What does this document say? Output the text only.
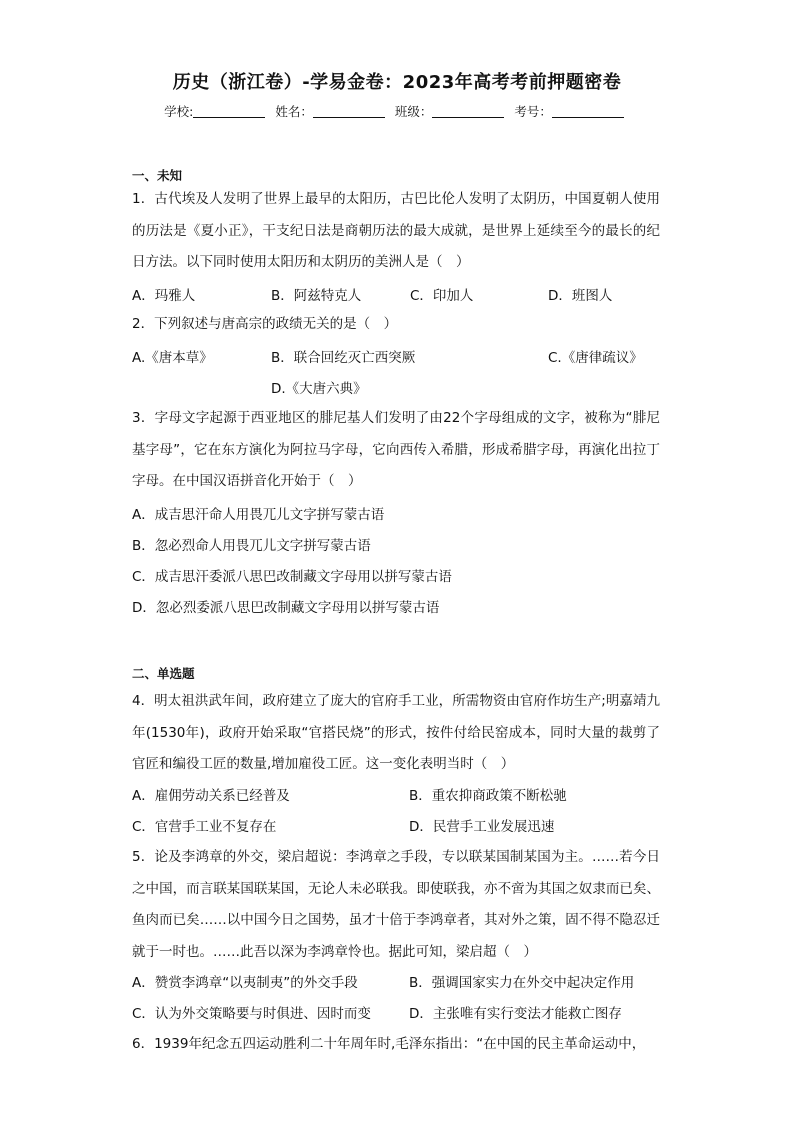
历史（浙江卷）-学易金卷：2023年高考考前押题密卷
学校:	姓名：	班级：	考号：
一、未知
1．古代埃及人发明了世界上最早的太阳历，古巴比伦人发明了太阴历，中国夏朝人使用的历法是《夏小正》，干支纪日法是商朝历法的最大成就，是世界上延续至今的最长的纪日方法。以下同时使用太阳历和太阴历的美洲人是（　）
A．玛雅人	B．阿兹特克人	C．印加人	D．班图人
2．下列叙述与唐高宗的政绩无关的是（　）
A.《唐本草》	B．联合回纥灭亡西突厥	C.《唐律疏议》
D.《大唐六典》
3．字母文字起源于西亚地区的腓尼基人们发明了由22个字母组成的文字，被称为“腓尼基字母”，它在东方演化为阿拉马字母，它向西传入希腊，形成希腊字母，再演化出拉丁字母。在中国汉语拼音化开始于（　）
A．成吉思汗命人用畏兀儿文字拼写蒙古语
B．忽必烈命人用畏兀儿文字拼写蒙古语
C．成吉思汗委派八思巴改制藏文字母用以拼写蒙古语
D．忽必烈委派八思巴改制藏文字母用以拼写蒙古语
二、单选题
4．明太祖洪武年间，政府建立了庞大的官府手工业，所需物资由官府作坊生产;明嘉靖九年(1530年)，政府开始采取“官搭民烧”的形式，按件付给民窑成本，同时大量的裁剪了官匠和编役工匠的数量,增加雇役工匠。这一变化表明当时（　）
A．雇佣劳动关系已经普及	B．重农抑商政策不断松驰
C．官营手工业不复存在	D．民营手工业发展迅速
5．论及李鸿章的外交，梁启超说：李鸿章之手段，专以联某国制某国为主。……若今日之中国，而言联某国联某国，无论人未必联我。即使联我，亦不啻为其国之奴隶而已矣、鱼肉而已矣……以中国今日之国势，虽才十倍于李鸿章者，其对外之策，固不得不隐忍迁就于一时也。……此吾以深为李鸿章怜也。据此可知，梁启超（　）
A．赞赏李鸿章“以夷制夷”的外交手段	B．强调国家实力在外交中起决定作用
C．认为外交策略要与时俱进、因时而变	D．主张唯有实行变法才能救亡图存
6．1939年纪念五四运动胜利二十年周年时,毛泽东指出：“在中国的民主革命运动中，
